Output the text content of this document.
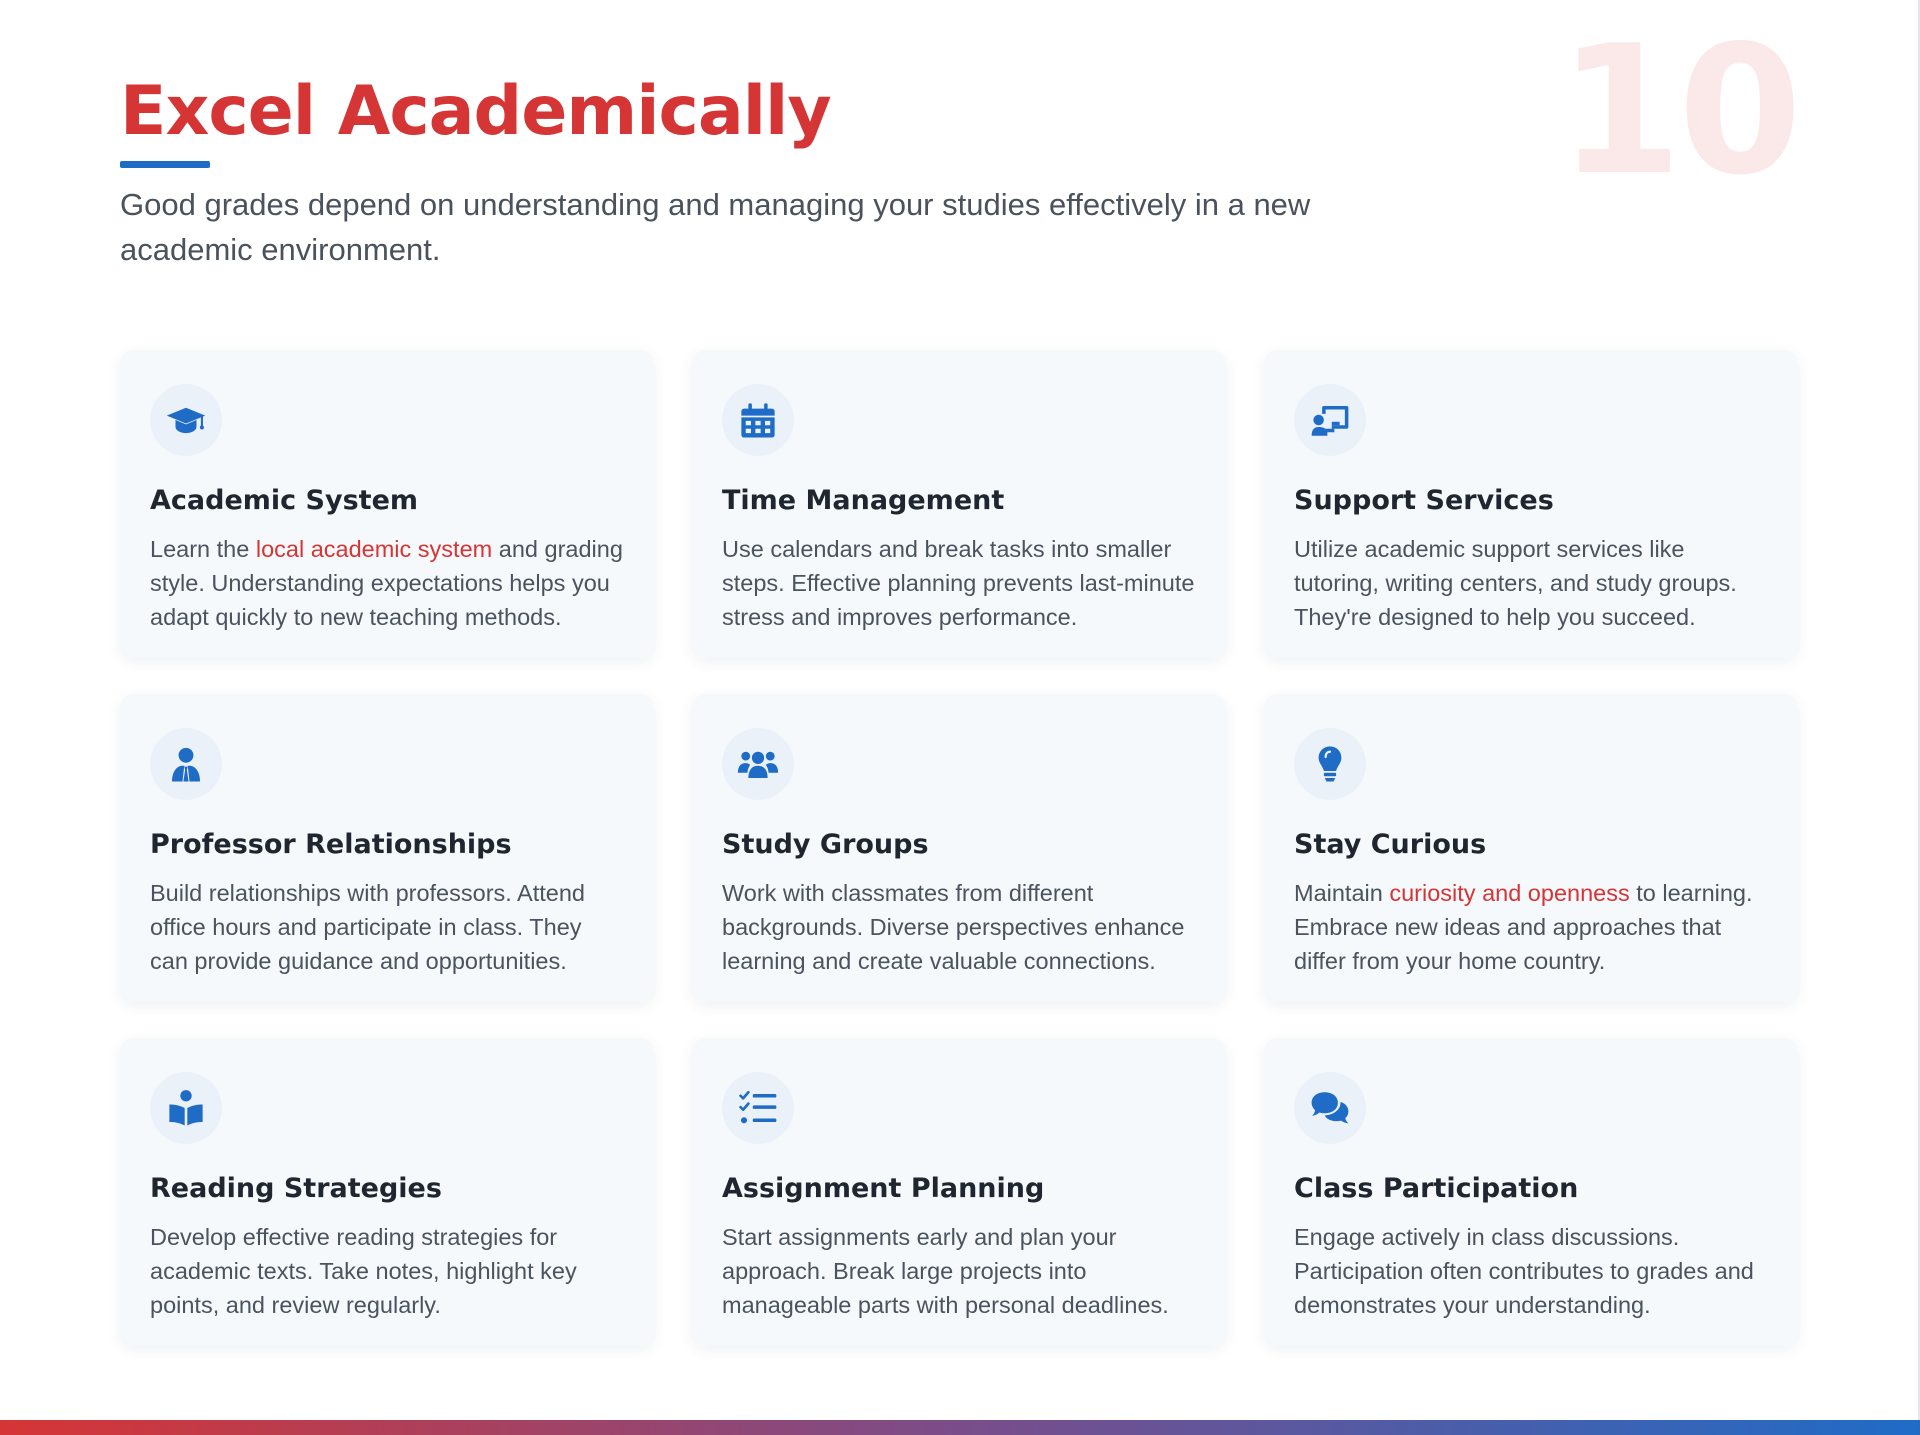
10
Excel Academically

Good grades depend on understanding and managing your studies effectively in a new academic environment.

Academic System

Learn the local academic system and grading style. Understanding expectations helps you adapt quickly to new teaching methods.

Time Management

Use calendars and break tasks into smaller steps. Effective planning prevents last-minute stress and improves performance.

Support Services

Utilize academic support services like tutoring, writing centers, and study groups. They're designed to help you succeed.

Professor Relationships

Build relationships with professors. Attend office hours and participate in class. They can provide guidance and opportunities.

Study Groups

Work with classmates from different backgrounds. Diverse perspectives enhance learning and create valuable connections.

Stay Curious

Maintain curiosity and openness to learning. Embrace new ideas and approaches that differ from your home country.

Reading Strategies

Develop effective reading strategies for academic texts. Take notes, highlight key points, and review regularly.

Assignment Planning

Start assignments early and plan your approach. Break large projects into manageable parts with personal deadlines.

Class Participation

Engage actively in class discussions. Participation often contributes to grades and demonstrates your understanding.
